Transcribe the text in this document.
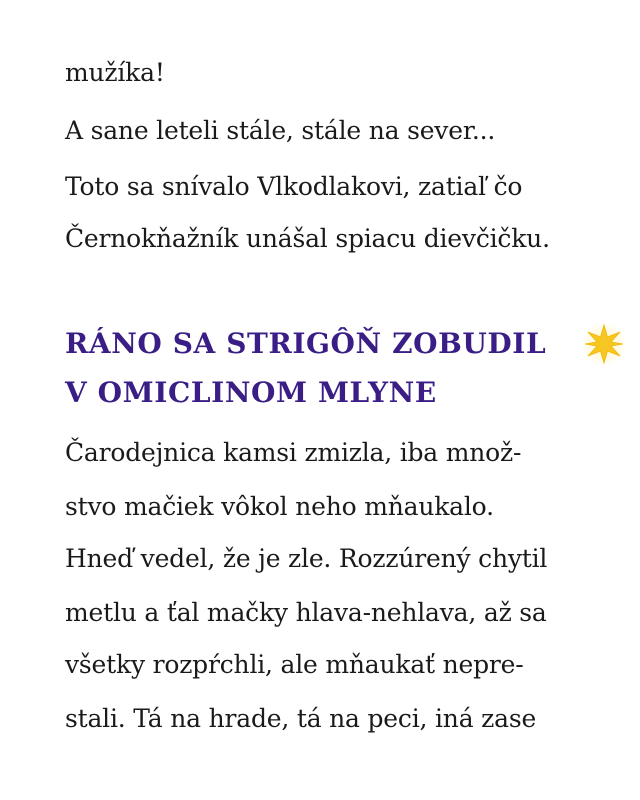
mužíka!
A sane leteli stále, stále na sever...
Toto sa snívalo Vlkodlakovi, zatiaľ čo
Černokňažník unášal spiacu dievčičku.
RÁNO SA STRIGÔŇ ZOBUDIL
V OMICLINOM MLYNE
Čarodejnica kamsi zmizla, iba množ-
stvo mačiek vôkol neho mňaukalo.
Hneď vedel, že je zle. Rozzúrený chytil
metlu a ťal mačky hlava-nehlava, až sa
všetky rozpŕchli, ale mňaukať nepre-
stali. Tá na hrade, tá na peci, iná zase
